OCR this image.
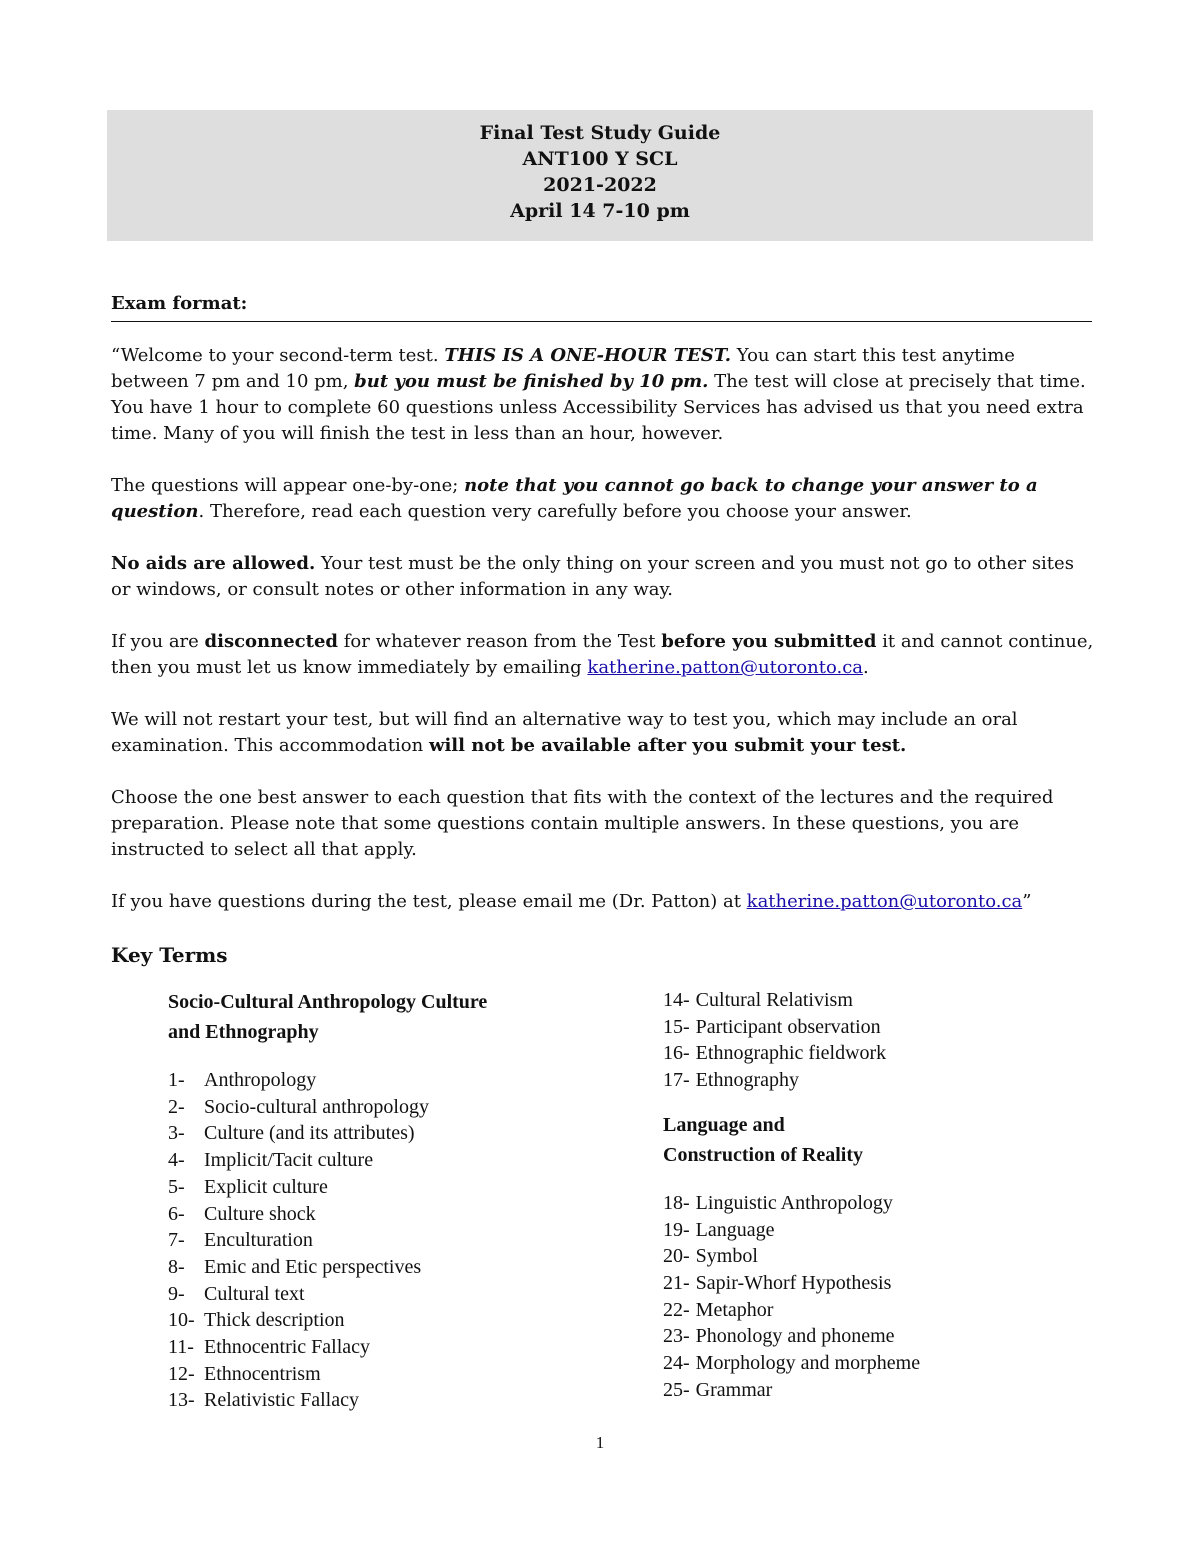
Final Test Study Guide
ANT100 Y SCL
2021-2022
April 14 7-10 pm
Exam format:

“Welcome to your second-term test. THIS IS A ONE-HOUR TEST. You can start this test anytime between 7 pm and 10 pm, but you must be finished by 10 pm. The test will close at precisely that time. You have 1 hour to complete 60 questions unless Accessibility Services has advised us that you need extra time. Many of you will finish the test in less than an hour, however.

The questions will appear one-by-one; note that you cannot go back to change your answer to a question. Therefore, read each question very carefully before you choose your answer.

No aids are allowed. Your test must be the only thing on your screen and you must not go to other sites or windows, or consult notes or other information in any way.

If you are disconnected for whatever reason from the Test before you submitted it and cannot continue, then you must let us know immediately by emailing katherine.patton@utoronto.ca.

We will not restart your test, but will find an alternative way to test you, which may include an oral examination. This accommodation will not be available after you submit your test.

Choose the one best answer to each question that fits with the context of the lectures and the required preparation. Please note that some questions contain multiple answers. In these questions, you are instructed to select all that apply.

If you have questions during the test, please email me (Dr. Patton) at katherine.patton@utoronto.ca”

Key Terms
Socio-Cultural Anthropology Culture
and Ethnography
1- Anthropology
2- Socio-cultural anthropology
3- Culture (and its attributes)
4- Implicit/Tacit culture
5- Explicit culture
6- Culture shock
7- Enculturation
8- Emic and Etic perspectives
9- Cultural text
10- Thick description
11- Ethnocentric Fallacy
12- Ethnocentrism
13- Relativistic Fallacy
14- Cultural Relativism
15- Participant observation
16- Ethnographic fieldwork
17- Ethnography
Language and
Construction of Reality
18- Linguistic Anthropology
19- Language
20- Symbol
21- Sapir-Whorf Hypothesis
22- Metaphor
23- Phonology and phoneme
24- Morphology and morpheme
25- Grammar
1
